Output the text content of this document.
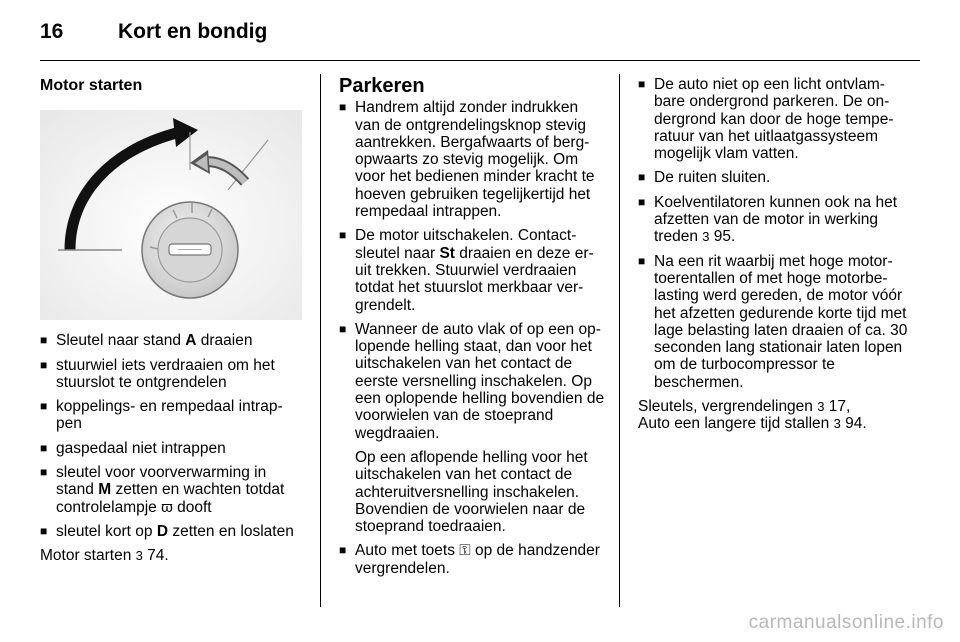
16	Kort en bondig
Motor starten
■ Sleutel naar stand A draaien
■ stuurwiel iets verdraaien om het stuurslot te ontgrendelen
■ koppelings- en rempedaal intrap-pen
■ gaspedaal niet intrappen
■ sleutel voor voorverwarming in stand M zetten en wachten totdat controlelampje ϖ dooft
■ sleutel kort op D zetten en loslaten

Motor starten 3 74.

Parkeren
■ Handrem altijd zonder indrukken van de ontgrendelingsknop stevig aantrekken. Bergafwaarts of berg-opwaarts zo stevig mogelijk. Om voor het bedienen minder kracht te hoeven gebruiken tegelijkertijd het rempedaal intrappen.
■ De motor uitschakelen. Contact-sleutel naar St draaien en deze er-uit trekken. Stuurwiel verdraaien totdat het stuurslot merkbaar ver-grendelt.
■ Wanneer de auto vlak of op een op-lopende helling staat, dan voor het uitschakelen van het contact de eerste versnelling inschakelen. Op een oplopende helling bovendien de voorwielen van de stoeprand wegdraaien.
Op een aflopende helling voor het uitschakelen van het contact de achteruitversnelling inschakelen. Bovendien de voorwielen naar de stoeprand toedraaien.
■ Auto met toets ⚿ op de handzender vergrendelen.
■ De auto niet op een licht ontvlam-bare ondergrond parkeren. De on-dergrond kan door de hoge tempe-ratuur van het uitlaatgassysteem mogelijk vlam vatten.
■ De ruiten sluiten.
■ Koelventilatoren kunnen ook na het afzetten van de motor in werking treden 3 95.
■ Na een rit waarbij met hoge motor-toerentallen of met hoge motorbe-lasting werd gereden, de motor vóór het afzetten gedurende korte tijd met lage belasting laten draaien of ca. 30 seconden lang stationair laten lopen om de turbocompressor te beschermen.

Sleutels, vergrendelingen 3 17,

Auto een langere tijd stallen 3 94.

carmanualsonline.info
